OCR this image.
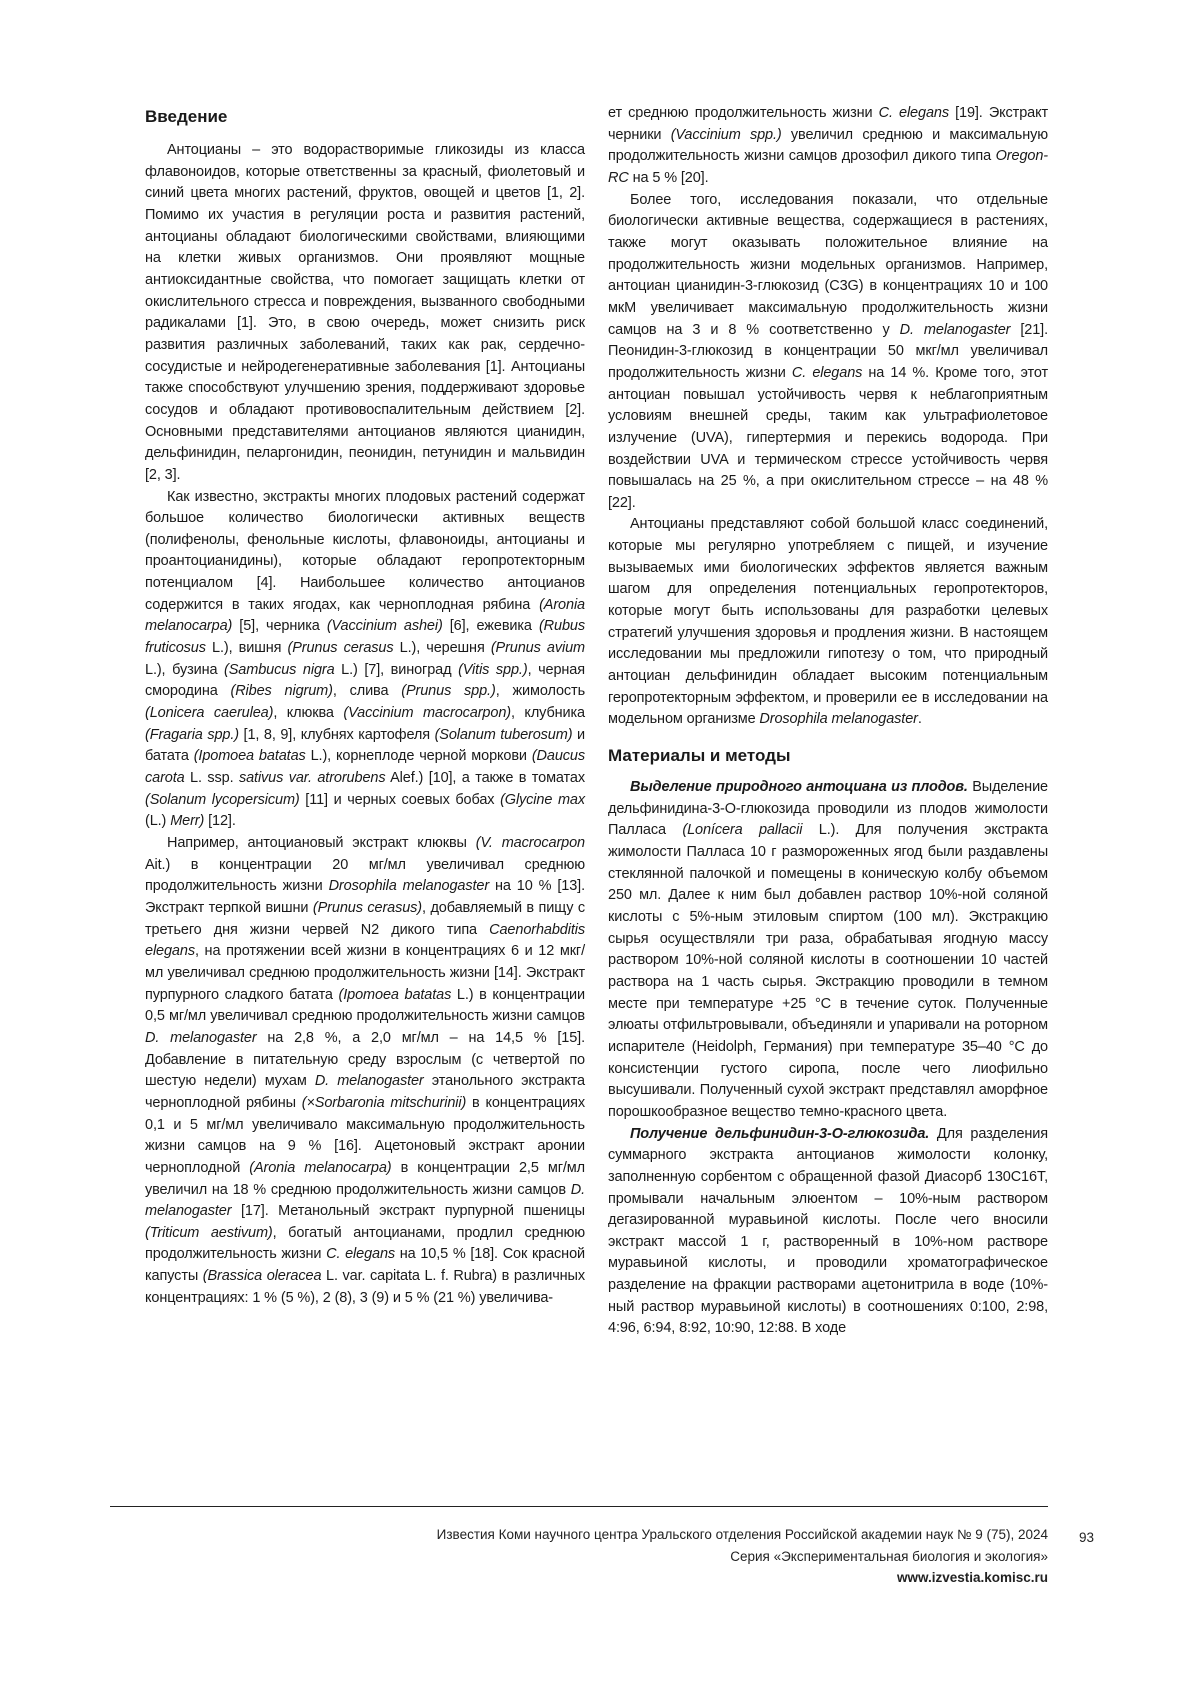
Введение

Антоцианы – это водорастворимые гликозиды из класса флавоноидов, которые ответственны за красный, фиолетовый и синий цвета многих растений, фруктов, овощей и цветов [1, 2]. Помимо их участия в регуляции роста и развития растений, антоцианы обладают биологическими свойствами, влияющими на клетки живых организмов. Они проявляют мощные антиоксидантные свойства, что помогает защищать клетки от окислительного стресса и повреждения, вызванного свободными радикалами [1]. Это, в свою очередь, может снизить риск развития различных заболеваний, таких как рак, сердечно-сосудистые и нейродегенеративные заболевания [1]. Антоцианы также способствуют улучшению зрения, поддерживают здоровье сосудов и обладают противовоспалительным действием [2]. Основными представителями антоцианов являются цианидин, дельфинидин, пеларгонидин, пеонидин, петунидин и мальвидин [2, 3].

Как известно, экстракты многих плодовых растений содержат большое количество биологически активных веществ (полифенолы, фенольные кислоты, флавоноиды, антоцианы и проантоцианидины), которые обладают геропротекторным потенциалом [4]. Наибольшее количество антоцианов содержится в таких ягодах, как черноплодная рябина (Aronia melanocarpa) [5], черника (Vaccinium ashei) [6], ежевика (Rubus fruticosus L.), вишня (Prunus cerasus L.), черешня (Prunus avium L.), бузина (Sambucus nigra L.) [7], виноград (Vitis spp.), черная смородина (Ribes nigrum), слива (Prunus spp.), жимолость (Lonicera caerulea), клюква (Vaccinium macrocarpon), клубника (Fragaria spp.) [1, 8, 9], клубнях картофеля (Solanum tuberosum) и батата (Ipomoea batatas L.), корнеплоде черной моркови (Daucus carota L. ssp. sativus var. atrorubens Alef.) [10], а также в томатах (Solanum lycopersicum) [11] и черных соевых бобах (Glycine max (L.) Merr) [12].

Например, антоциановый экстракт клюквы (V. macrocarpon Ait.) в концентрации 20 мг/мл увеличивал среднюю продолжительность жизни Drosophila melanogaster на 10 % [13]. Экстракт терпкой вишни (Prunus cerasus), добавляемый в пищу с третьего дня жизни червей N2 дикого типа Caenorhabditis elegans, на протяжении всей жизни в концентрациях 6 и 12 мкг/мл увеличивал среднюю продолжительность жизни [14]. Экстракт пурпурного сладкого батата (Ipomoea batatas L.) в концентрации 0,5 мг/мл увеличивал среднюю продолжительность жизни самцов D. melanogaster на 2,8 %, а 2,0 мг/мл – на 14,5 % [15]. Добавление в питательную среду взрослым (с четвертой по шестую недели) мухам D. melanogaster этанольного экстракта черноплодной рябины (×Sorbaronia mitschurinii) в концентрациях 0,1 и 5 мг/мл увеличивало максимальную продолжительность жизни самцов на 9 % [16]. Ацетоновый экстракт аронии черноплодной (Aronia melanocarpa) в концентрации 2,5 мг/мл увеличил на 18 % среднюю продолжительность жизни самцов D. melanogaster [17]. Метанольный экстракт пурпурной пшеницы (Triticum aestivum), богатый антоцианами, продлил среднюю продолжительность жизни C. elegans на 10,5 % [18]. Сок красной капусты (Brassica oleracea L. var. capitata L. f. Rubra) в различных концентрациях: 1 % (5 %), 2 (8), 3 (9) и 5 % (21 %) увеличива-

ет среднюю продолжительность жизни C. elegans [19]. Экстракт черники (Vaccinium spp.) увеличил среднюю и максимальную продолжительность жизни самцов дрозофил дикого типа Oregon-RC на 5 % [20].

Более того, исследования показали, что отдельные биологически активные вещества, содержащиеся в растениях, также могут оказывать положительное влияние на продолжительность жизни модельных организмов. Например, антоциан цианидин-3-глюкозид (C3G) в концентрациях 10 и 100 мкМ увеличивает максимальную продолжительность жизни самцов на 3 и 8 % соответственно у D. melanogaster [21]. Пеонидин-3-глюкозид в концентрации 50 мкг/мл увеличивал продолжительность жизни C. elegans на 14 %. Кроме того, этот антоциан повышал устойчивость червя к неблагоприятным условиям внешней среды, таким как ультрафиолетовое излучение (UVA), гипертермия и перекись водорода. При воздействии UVA и термическом стрессе устойчивость червя повышалась на 25 %, а при окислительном стрессе – на 48 % [22].

Антоцианы представляют собой большой класс соединений, которые мы регулярно употребляем с пищей, и изучение вызываемых ими биологических эффектов является важным шагом для определения потенциальных геропротекторов, которые могут быть использованы для разработки целевых стратегий улучшения здоровья и продления жизни. В настоящем исследовании мы предложили гипотезу о том, что природный антоциан дельфинидин обладает высоким потенциальным геропротекторным эффектом, и проверили ее в исследовании на модельном организме Drosophila melanogaster.

Материалы и методы

Выделение природного антоциана из плодов. Выделение дельфинидина-3-O-глюкозида проводили из плодов жимолости Палласа (Lonícera pallacii L.). Для получения экстракта жимолости Палласа 10 г размороженных ягод были раздавлены стеклянной палочкой и помещены в коническую колбу объемом 250 мл. Далее к ним был добавлен раствор 10%-ной соляной кислоты с 5%-ным этиловым спиртом (100 мл). Экстракцию сырья осуществляли три раза, обрабатывая ягодную массу раствором 10%-ной соляной кислоты в соотношении 10 частей раствора на 1 часть сырья. Экстракцию проводили в темном месте при температуре +25 °С в течение суток. Полученные элюаты отфильтровывали, объединяли и упаривали на роторном испарителе (Heidolph, Германия) при температуре 35–40 °С до консистенции густого сиропа, после чего лиофильно высушивали. Полученный сухой экстракт представлял аморфное порошкообразное вещество темно-красного цвета.

Получение дельфинидин-3-O-глюкозида. Для разделения суммарного экстракта антоцианов жимолости колонку, заполненную сорбентом с обращенной фазой Диасорб 130С16Т, промывали начальным элюентом – 10%-ным раствором дегазированной муравьиной кислоты. После чего вносили экстракт массой 1 г, растворенный в 10%-ном растворе муравьиной кислоты, и проводили хроматографическое разделение на фракции растворами ацетонитрила в воде (10%-ный раствор муравьиной кислоты) в соотношениях 0:100, 2:98, 4:96, 6:94, 8:92, 10:90, 12:88. В ходе

Известия Коми научного центра Уральского отделения Российской академии наук № 9 (75), 2024
Серия «Экспериментальная биология и экология»
www.izvestia.komisc.ru
93
